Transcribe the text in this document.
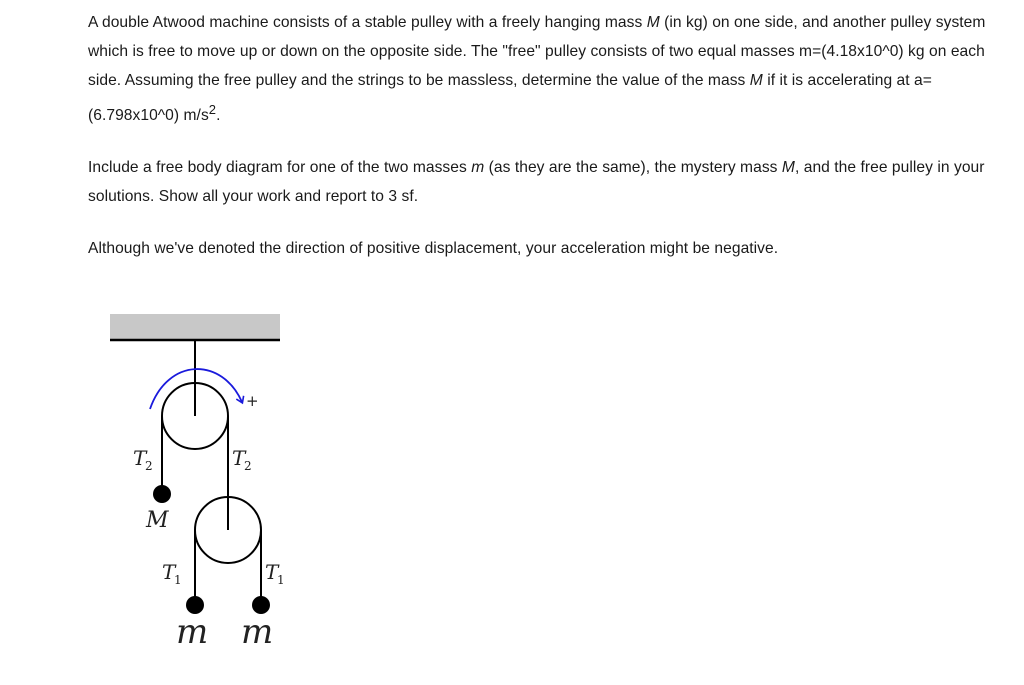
A double Atwood machine consists of a stable pulley with a freely hanging mass M (in kg) on one side, and another pulley system which is free to move up or down on the opposite side. The "free" pulley consists of two equal masses m=(4.18x10^0) kg on each side. Assuming the free pulley and the strings to be massless, determine the value of the mass M if it is accelerating at a=(6.798x10^0) $m/s^2$.

Include a free body diagram for one of the two masses m (as they are the same), the mystery mass M, and the free pulley in your solutions. Show all your work and report to 3 sf.

Although we've denoted the direction of positive displacement, your acceleration might be negative.

+
T
2	T
2
M
T
1	T
1
m m
